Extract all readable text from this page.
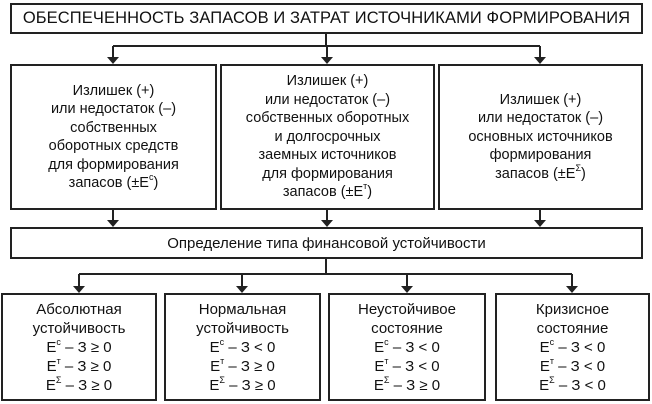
ОБЕСПЕЧЕННОСТЬ ЗАПАСОВ И ЗАТРАТ ИСТОЧНИКАМИ ФОРМИРОВАНИЯ
Излишек (+)
или недостаток (–)
собственных
оборотных средств
для формирования
запасов $(\pm E^с)$
Излишек (+)
или недостаток (–)
собственных оборотных
и долгосрочных
заемных источников
для формирования
запасов $(\pm E^т)$
Излишек (+)
или недостаток (–)
основных источников
формирования
запасов $(\pm E^\Sigma)$
Определение типа финансовой устойчивости
Абсолютная
устойчивость
$E^с - З \ge 0$
$E^т - З \ge 0$
$E^\Sigma - З \ge 0$
Нормальная
устойчивость
$E^с - З < 0$
$E^т - З \ge 0$
$E^\Sigma - З \ge 0$
Неустойчивое
состояние
$E^с - З < 0$
$E^т - З < 0$
$E^\Sigma - З \ge 0$
Кризисное
состояние
$E^с - З < 0$
$E^т - З < 0$
$E^\Sigma - З < 0$
